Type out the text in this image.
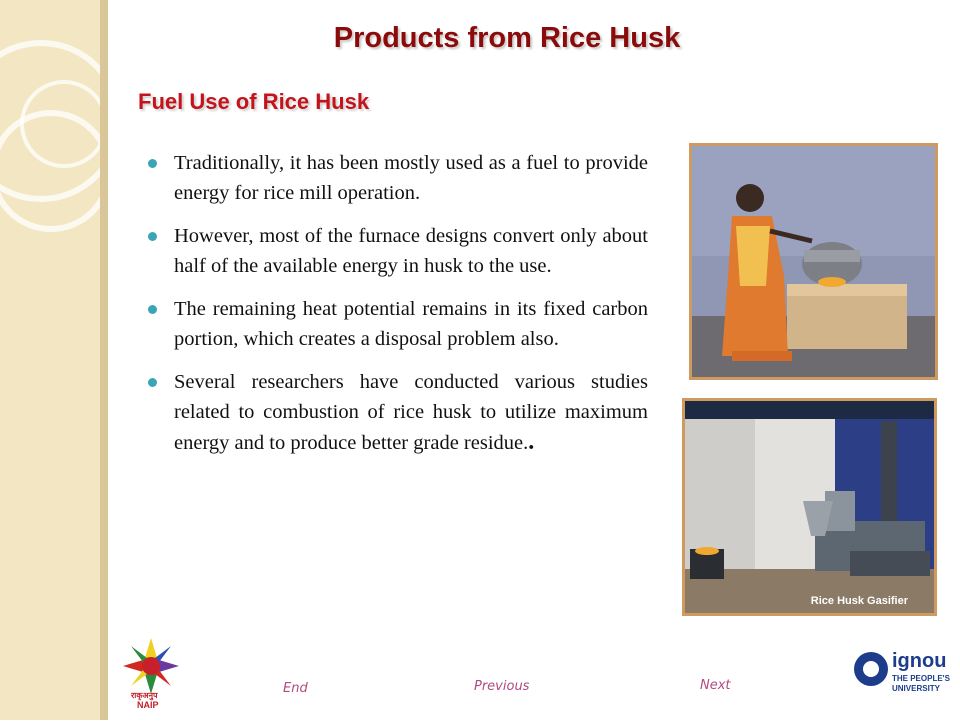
Products from Rice Husk
Fuel Use of Rice Husk
Traditionally, it has been mostly used as a fuel to provide energy for rice mill operation.
However, most of the furnace designs convert only about half of the available energy in husk to the use.
The remaining heat potential remains in its fixed carbon portion, which creates a disposal problem also.
Several researchers have conducted various studies related to combustion of rice husk to utilize maximum energy and to produce better grade residue..
Rice Husk Gasifier
राकृअनुप
NAIP
End	Previous	Next
ignou
THE PEOPLE'S
UNIVERSITY
